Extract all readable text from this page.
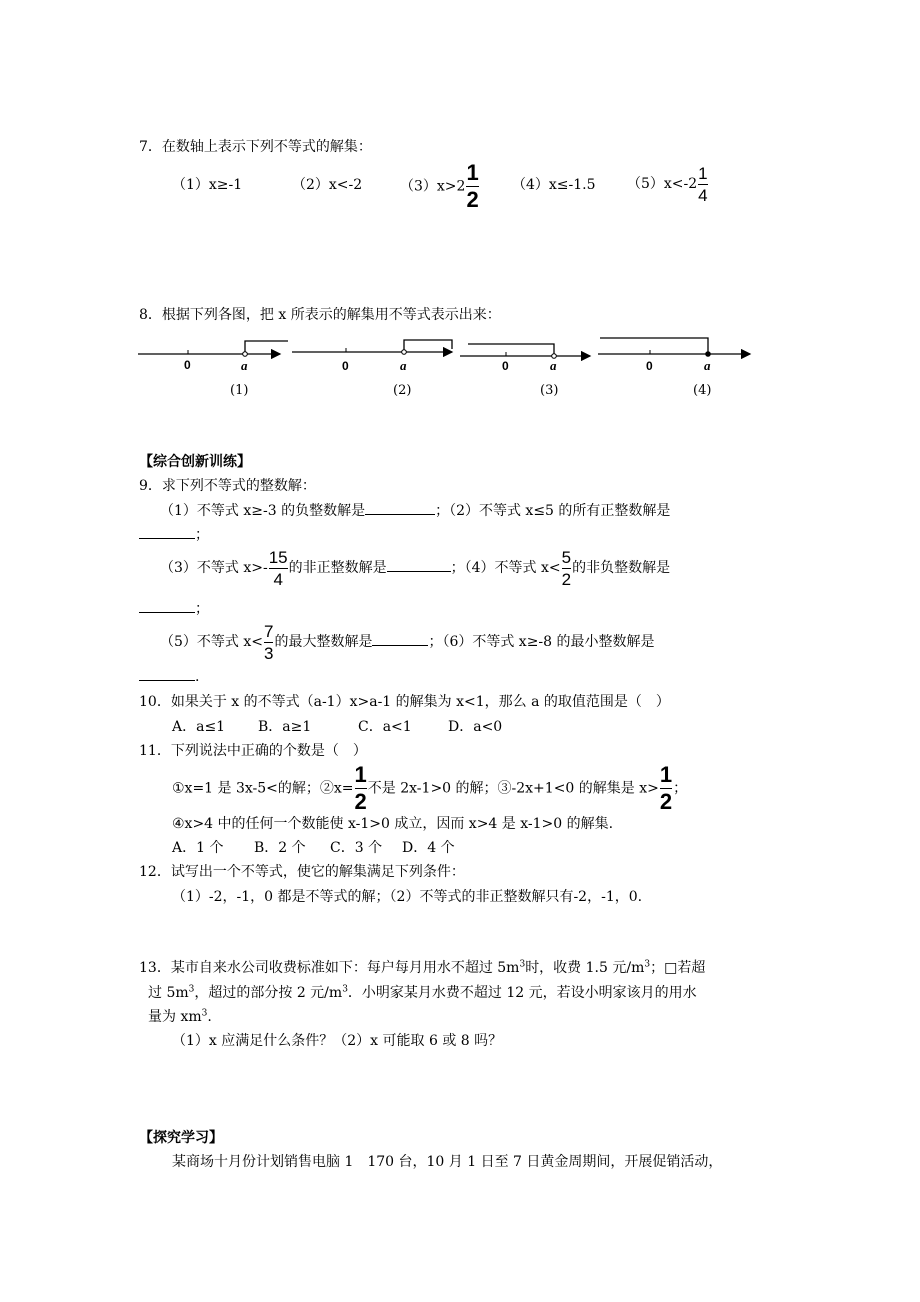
7．在数轴上表示下列不等式的解集：
（1）x≥-1	（2）x<-2	$(3)x>2 \frac{1}{2} (4)x\le-1.5$ $(5)x<-2 \frac{1}{4}$
8．根据下列各图，把 x 所表示的解集用不等式表示出来：
0	a	0	a	0	a	0	a
(1)	(2)	(3)	(4)
【综合创新训练】
9．求下列不等式的整数解：
（1）不等式 x≥-3 的负整数解是	；（2）不等式 x≤5 的所有正整数解是
；
（3）不等式 $x>- \frac{15}{4}$ 的非正整数解是	；（4）不等式 $x< \frac{5}{2}$ 的非负整数解是
；
（5）不等式 $x< \frac{7}{3}$ 的最大整数解是	；（6）不等式 x≥-8 的最小整数解是
.
10．如果关于 x 的不等式（a-1）x>a-1 的解集为 x<1，那么 a 的取值范围是（　）
A．a≤1 B．a≥1	C．a<1	D．a<0
11．下列说法中正确的个数是（　）
①x=1 是 3x-5<的解；②x= $\frac{1}{2}$ 不是 2x-1>0 的解；③-2x+1<0 的解集是 $x> \frac{1}{2}$ ；
④x>4 中的任何一个数能使 x-1>0 成立，因而 x>4 是 x-1>0 的解集.
A．1 个 B．2 个 C．3 个 D．4 个
12．试写出一个不等式，使它的解集满足下列条件：
（1）-2，-1，0 都是不等式的解；（2）不等式的非正整数解只有-2，-1，0.
13．某市自来水公司收费标准如下：每户每月用水不超过 $5m^3$时，收费 1.5 元$/m^3$；□若超
过 $5m^3$，超过的部分按 2 元$/m^3$．小明家某月水费不超过 12 元，若设小明家该月的用水
量为 $xm^3$.
（1）x 应满足什么条件？（2）x 可能取 6 或 8 吗？
【探究学习】
某商场十月份计划销售电脑 1　170 台，10 月 1 日至 7 日黄金周期间，开展促销活动，
